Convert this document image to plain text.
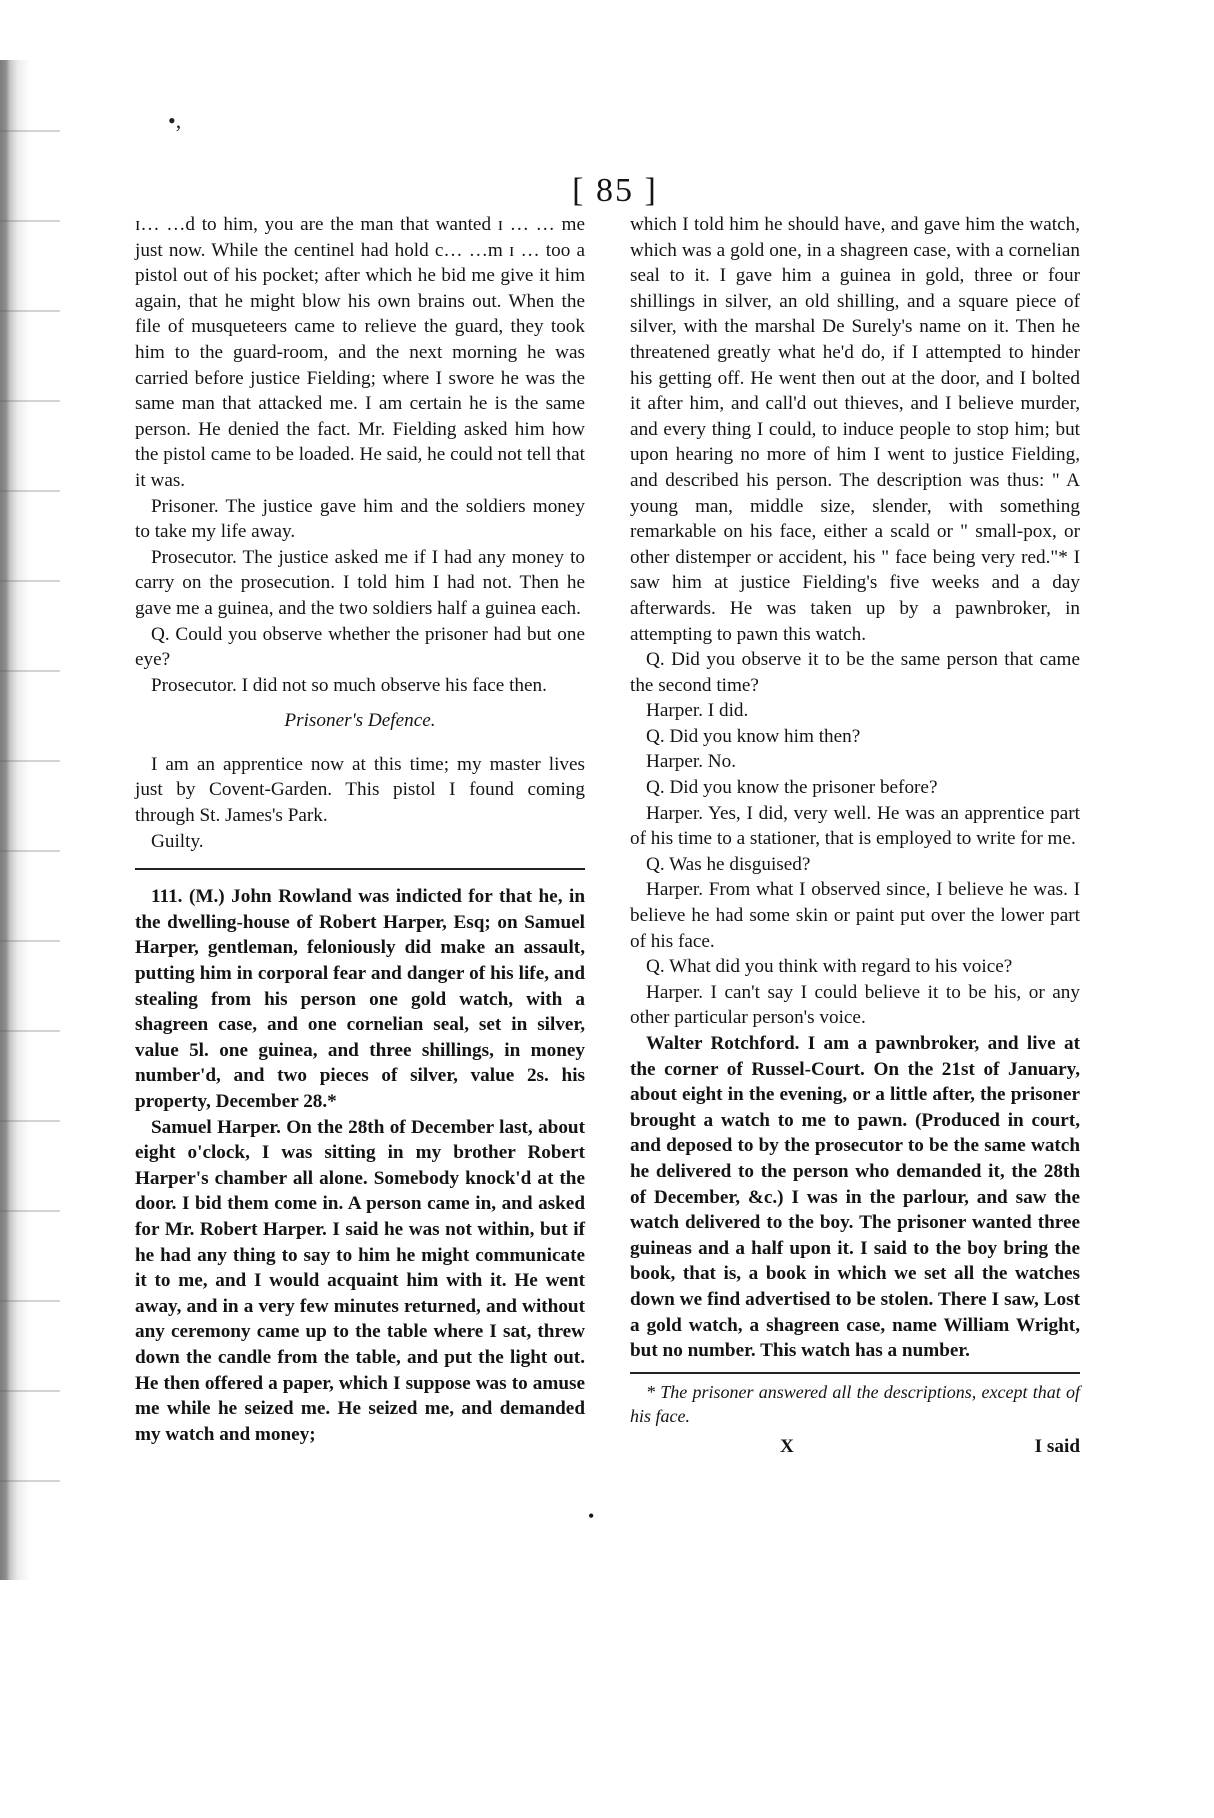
•,
[ 85 ]

ɪ… …d to him, you are the man that wanted ɪ … … me just now. While the centinel had hold c… …m ɪ … too a pistol out of his pocket; after which he bid me give it him again, that he might blow his own brains out. When the file of musqueteers came to relieve the guard, they took him to the guard-room, and the next morning he was carried before justice Fielding; where I swore he was the same man that attacked me. I am certain he is the same person. He denied the fact. Mr. Fielding asked him how the pistol came to be loaded. He said, he could not tell that it was.

Prisoner. The justice gave him and the soldiers money to take my life away.

Prosecutor. The justice asked me if I had any money to carry on the prosecution. I told him I had not. Then he gave me a guinea, and the two soldiers half a guinea each.

Q. Could you observe whether the prisoner had but one eye?

Prosecutor. I did not so much observe his face then.

Prisoner's Defence.

I am an apprentice now at this time; my master lives just by Covent-Garden. This pistol I found coming through St. James's Park.

Guilty.

111. (M.) John Rowland was indicted for that he, in the dwelling-house of Robert Harper, Esq; on Samuel Harper, gentleman, feloniously did make an assault, putting him in corporal fear and danger of his life, and stealing from his person one gold watch, with a shagreen case, and one cornelian seal, set in silver, value 5l. one guinea, and three shillings, in money number'd, and two pieces of silver, value 2s. his property, December 28.*

Samuel Harper. On the 28th of December last, about eight o'clock, I was sitting in my brother Robert Harper's chamber all alone. Somebody knock'd at the door. I bid them come in. A person came in, and asked for Mr. Robert Harper. I said he was not within, but if he had any thing to say to him he might communicate it to me, and I would acquaint him with it. He went away, and in a very few minutes returned, and without any ceremony came up to the table where I sat, threw down the candle from the table, and put the light out. He then offered a paper, which I suppose was to amuse me while he seized me. He seized me, and demanded my watch and money;

which I told him he should have, and gave him the watch, which was a gold one, in a shagreen case, with a cornelian seal to it. I gave him a guinea in gold, three or four shillings in silver, an old shilling, and a square piece of silver, with the marshal De Surely's name on it. Then he threatened greatly what he'd do, if I attempted to hinder his getting off. He went then out at the door, and I bolted it after him, and call'd out thieves, and I believe murder, and every thing I could, to induce people to stop him; but upon hearing no more of him I went to justice Fielding, and described his person. The description was thus: " A young man, middle size, slender, with something remarkable on his face, either a scald or " small-pox, or other distemper or accident, his " face being very red."* I saw him at justice Fielding's five weeks and a day afterwards. He was taken up by a pawnbroker, in attempting to pawn this watch.

Q. Did you observe it to be the same person that came the second time?

Harper. I did.

Q. Did you know him then?

Harper. No.

Q. Did you know the prisoner before?

Harper. Yes, I did, very well. He was an apprentice part of his time to a stationer, that is employed to write for me.

Q. Was he disguised?

Harper. From what I observed since, I believe he was. I believe he had some skin or paint put over the lower part of his face.

Q. What did you think with regard to his voice?

Harper. I can't say I could believe it to be his, or any other particular person's voice.

Walter Rotchford. I am a pawnbroker, and live at the corner of Russel-Court. On the 21st of January, about eight in the evening, or a little after, the prisoner brought a watch to me to pawn. (Produced in court, and deposed to by the prosecutor to be the same watch he delivered to the person who demanded it, the 28th of December, &c.) I was in the parlour, and saw the watch delivered to the boy. The prisoner wanted three guineas and a half upon it. I said to the boy bring the book, that is, a book in which we set all the watches down we find advertised to be stolen. There I saw, Lost a gold watch, a shagreen case, name William Wright, but no number. This watch has a number.

* The prisoner answered all the descriptions, except that of his face.

X	I said
•
